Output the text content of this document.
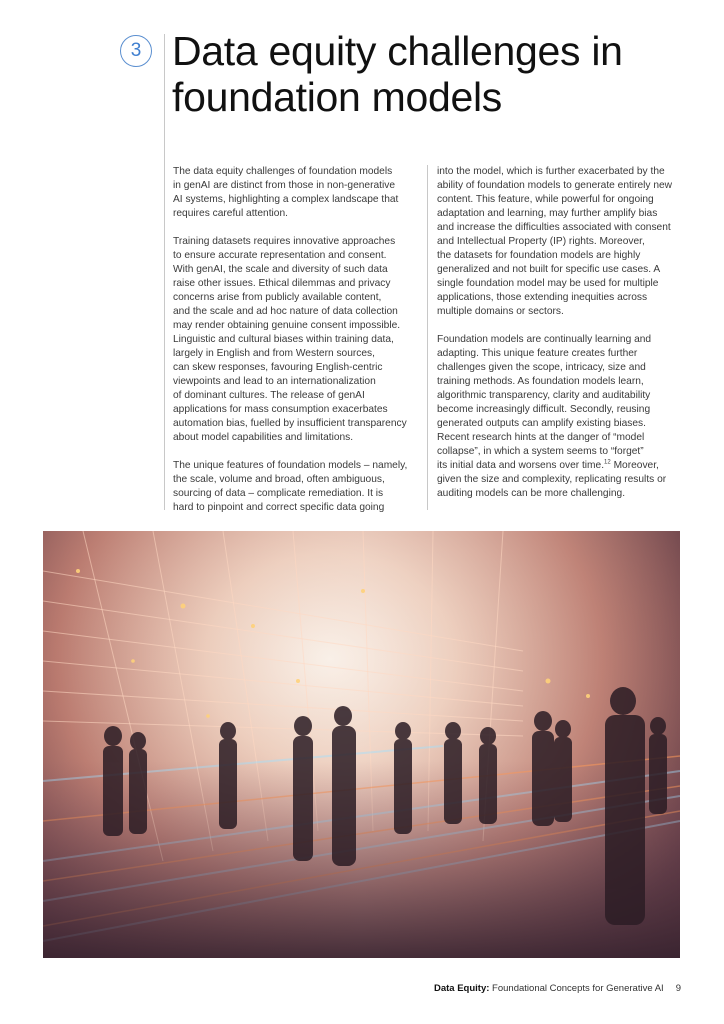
3 Data equity challenges in foundation models

The data equity challenges of foundation models
in genAI are distinct from those in non-generative
AI systems, highlighting a complex landscape that
requires careful attention.

Training datasets requires innovative approaches
to ensure accurate representation and consent.
With genAI, the scale and diversity of such data
raise other issues. Ethical dilemmas and privacy
concerns arise from publicly available content,
and the scale and ad hoc nature of data collection
may render obtaining genuine consent impossible.
Linguistic and cultural biases within training data,
largely in English and from Western sources,
can skew responses, favouring English-centric
viewpoints and lead to an internationalization
of dominant cultures. The release of genAI
applications for mass consumption exacerbates
automation bias, fuelled by insufficient transparency
about model capabilities and limitations.

The unique features of foundation models – namely,
the scale, volume and broad, often ambiguous,
sourcing of data – complicate remediation. It is
hard to pinpoint and correct specific data going

into the model, which is further exacerbated by the
ability of foundation models to generate entirely new
content. This feature, while powerful for ongoing
adaptation and learning, may further amplify bias
and increase the difficulties associated with consent
and Intellectual Property (IP) rights. Moreover,
the datasets for foundation models are highly
generalized and not built for specific use cases. A
single foundation model may be used for multiple
applications, those extending inequities across
multiple domains or sectors.

Foundation models are continually learning and
adapting. This unique feature creates further
challenges given the scope, intricacy, size and
training methods. As foundation models learn,
algorithmic transparency, clarity and auditability
become increasingly difficult. Secondly, reusing
generated outputs can amplify existing biases.
Recent research hints at the danger of “model
collapse”, in which a system seems to “forget”
its initial data and worsens over time.$^{12}$ Moreover,
given the size and complexity, replicating results or
auditing models can be more challenging.

Data Equity: Foundational Concepts for Generative AI 9
